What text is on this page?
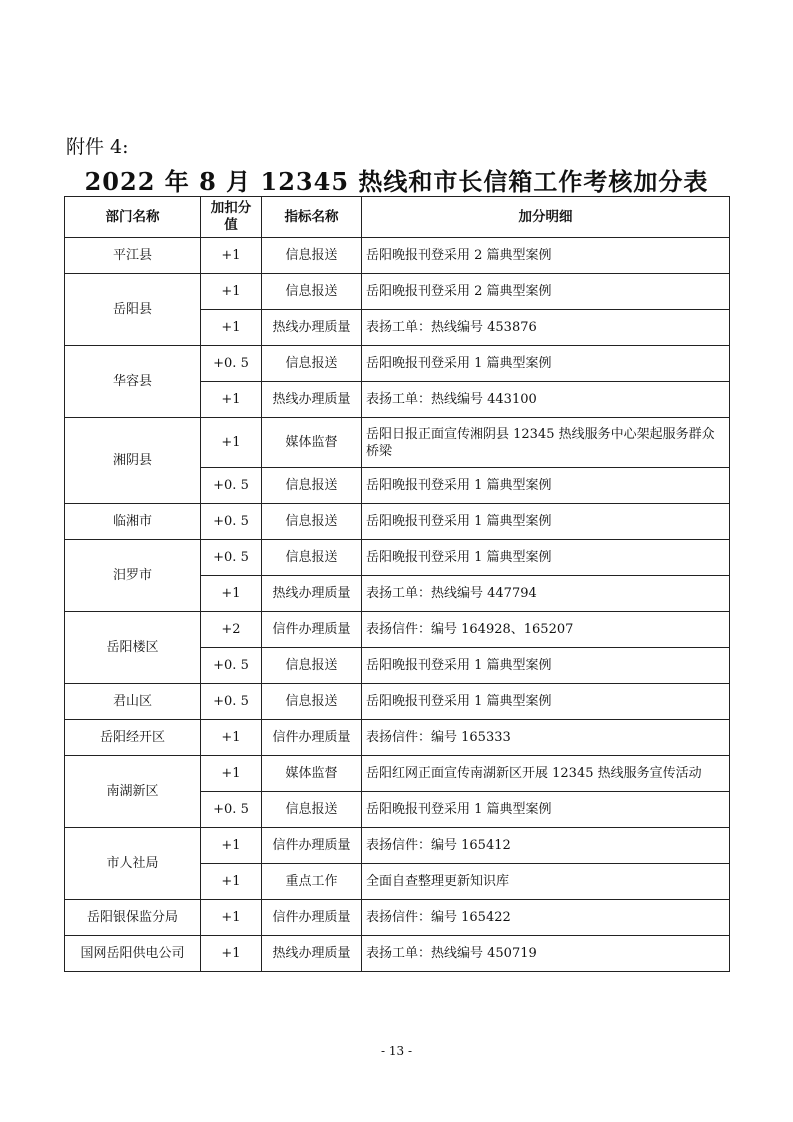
附件 4:
2022 年 8 月 12345 热线和市长信箱工作考核加分表
部门名称	加扣分值	指标名称	加分明细
平江县	+1	信息报送	岳阳晚报刊登采用 2 篇典型案例
岳阳县	+1	信息报送	岳阳晚报刊登采用 2 篇典型案例
	+1	热线办理质量	表扬工单：热线编号 453876
华容县	+0. 5	信息报送	岳阳晚报刊登采用 1 篇典型案例
	+1	热线办理质量	表扬工单：热线编号 443100
湘阴县	+1	媒体监督	岳阳日报正面宣传湘阴县 12345 热线服务中心架起服务群众桥梁
	+0. 5	信息报送	岳阳晚报刊登采用 1 篇典型案例
临湘市	+0. 5	信息报送	岳阳晚报刊登采用 1 篇典型案例
汨罗市	+0. 5	信息报送	岳阳晚报刊登采用 1 篇典型案例
	+1	热线办理质量	表扬工单：热线编号 447794
岳阳楼区	+2	信件办理质量	表扬信件：编号 164928、165207
	+0. 5	信息报送	岳阳晚报刊登采用 1 篇典型案例
君山区	+0. 5	信息报送	岳阳晚报刊登采用 1 篇典型案例
岳阳经开区	+1	信件办理质量	表扬信件：编号 165333
南湖新区	+1	媒体监督	岳阳红网正面宣传南湖新区开展 12345 热线服务宣传活动
	+0. 5	信息报送	岳阳晚报刊登采用 1 篇典型案例
市人社局	+1	信件办理质量	表扬信件：编号 165412
	+1	重点工作	全面自查整理更新知识库
岳阳银保监分局	+1	信件办理质量	表扬信件：编号 165422
国网岳阳供电公司	+1	热线办理质量	表扬工单：热线编号 450719
- 13 -
